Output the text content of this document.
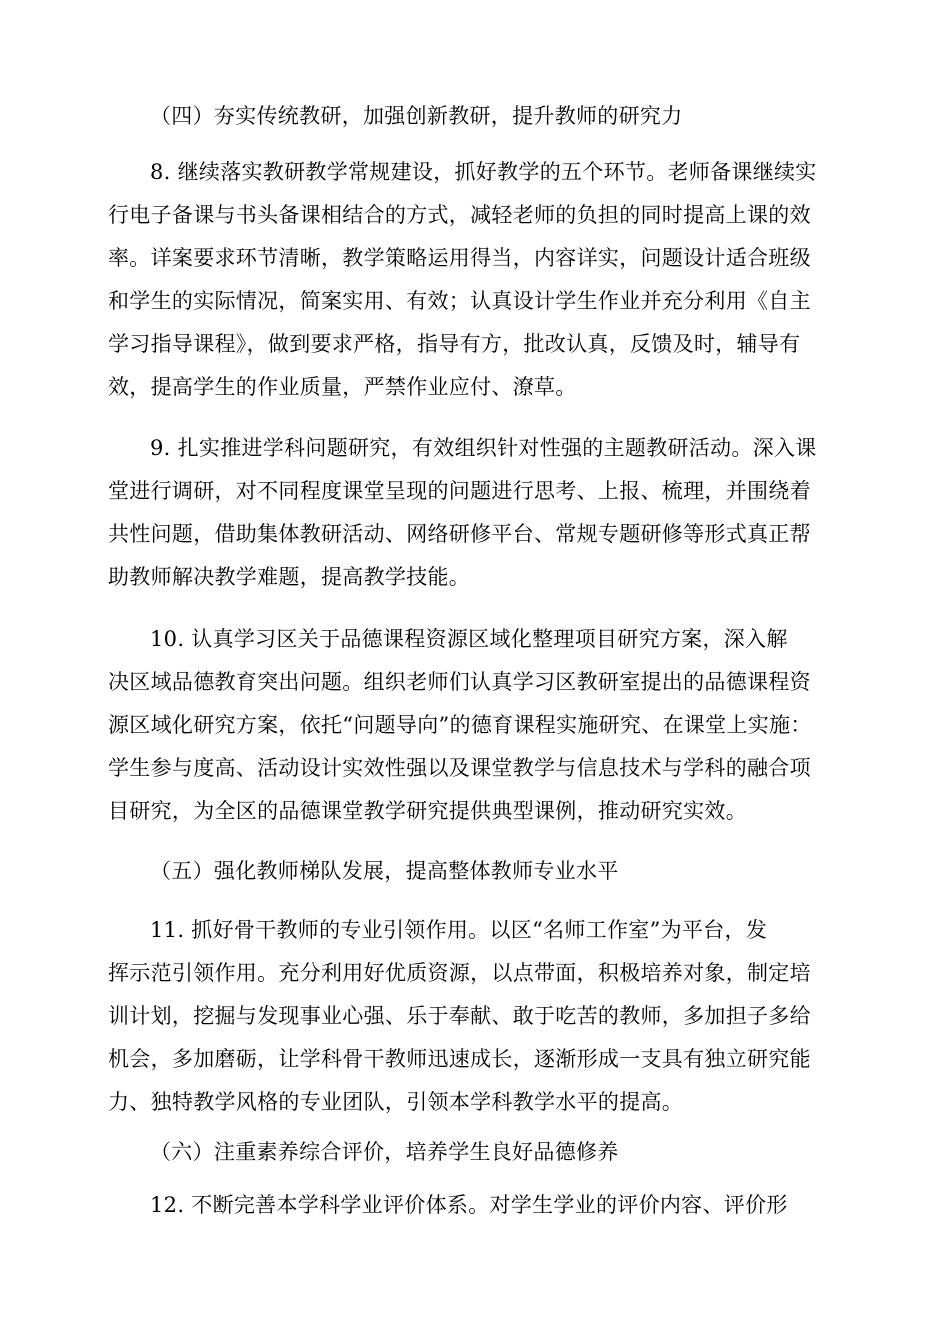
（四）夯实传统教研，加强创新教研，提升教师的研究力
8. 继续落实教研教学常规建设，抓好教学的五个环节。老师备课继续实
行电子备课与书头备课相结合的方式，减轻老师的负担的同时提高上课的效
率。详案要求环节清晰，教学策略运用得当，内容详实，问题设计适合班级
和学生的实际情况，简案实用、有效；认真设计学生作业并充分利用《自主
学习指导课程》，做到要求严格，指导有方，批改认真，反馈及时，辅导有
效，提高学生的作业质量，严禁作业应付、潦草。
9. 扎实推进学科问题研究，有效组织针对性强的主题教研活动。深入课
堂进行调研，对不同程度课堂呈现的问题进行思考、上报、梳理，并围绕着
共性问题，借助集体教研活动、网络研修平台、常规专题研修等形式真正帮
助教师解决教学难题，提高教学技能。
10. 认真学习区关于品德课程资源区域化整理项目研究方案，深入解
决区域品德教育突出问题。组织老师们认真学习区教研室提出的品德课程资
源区域化研究方案，依托“问题导向”的德育课程实施研究、在课堂上实施：
学生参与度高、活动设计实效性强以及课堂教学与信息技术与学科的融合项
目研究，为全区的品德课堂教学研究提供典型课例，推动研究实效。
（五）强化教师梯队发展，提高整体教师专业水平
11. 抓好骨干教师的专业引领作用。以区“名师工作室”为平台，发
挥示范引领作用。充分利用好优质资源，以点带面，积极培养对象，制定培
训计划，挖掘与发现事业心强、乐于奉献、敢于吃苦的教师，多加担子多给
机会，多加磨砺，让学科骨干教师迅速成长，逐渐形成一支具有独立研究能
力、独特教学风格的专业团队，引领本学科教学水平的提高。
（六）注重素养综合评价，培养学生良好品德修养
12. 不断完善本学科学业评价体系。对学生学业的评价内容、评价形
